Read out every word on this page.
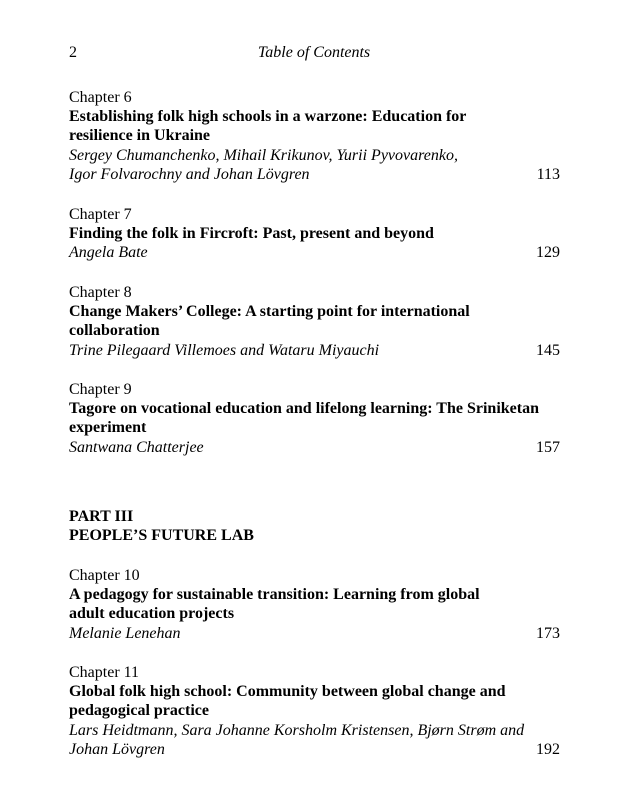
2	Table of Contents
Chapter 6
Establishing folk high schools in a warzone: Education for
resilience in Ukraine
Sergey Chumanchenko, Mihail Krikunov, Yurii Pyvovarenko,
Igor Folvarochny and Johan Lövgren	113
Chapter 7
Finding the folk in Fircroft: Past, present and beyond
Angela Bate	129
Chapter 8
Change Makers’ College: A starting point for international
collaboration
Trine Pilegaard Villemoes and Wataru Miyauchi	145
Chapter 9
Tagore on vocational education and lifelong learning: The Sriniketan
experiment
Santwana Chatterjee	157
PART III
PEOPLE’S FUTURE LAB
Chapter 10
A pedagogy for sustainable transition: Learning from global
adult education projects
Melanie Lenehan	173
Chapter 11
Global folk high school: Community between global change and
pedagogical practice
Lars Heidtmann, Sara Johanne Korsholm Kristensen, Bjørn Strøm and
Johan Lövgren	192
